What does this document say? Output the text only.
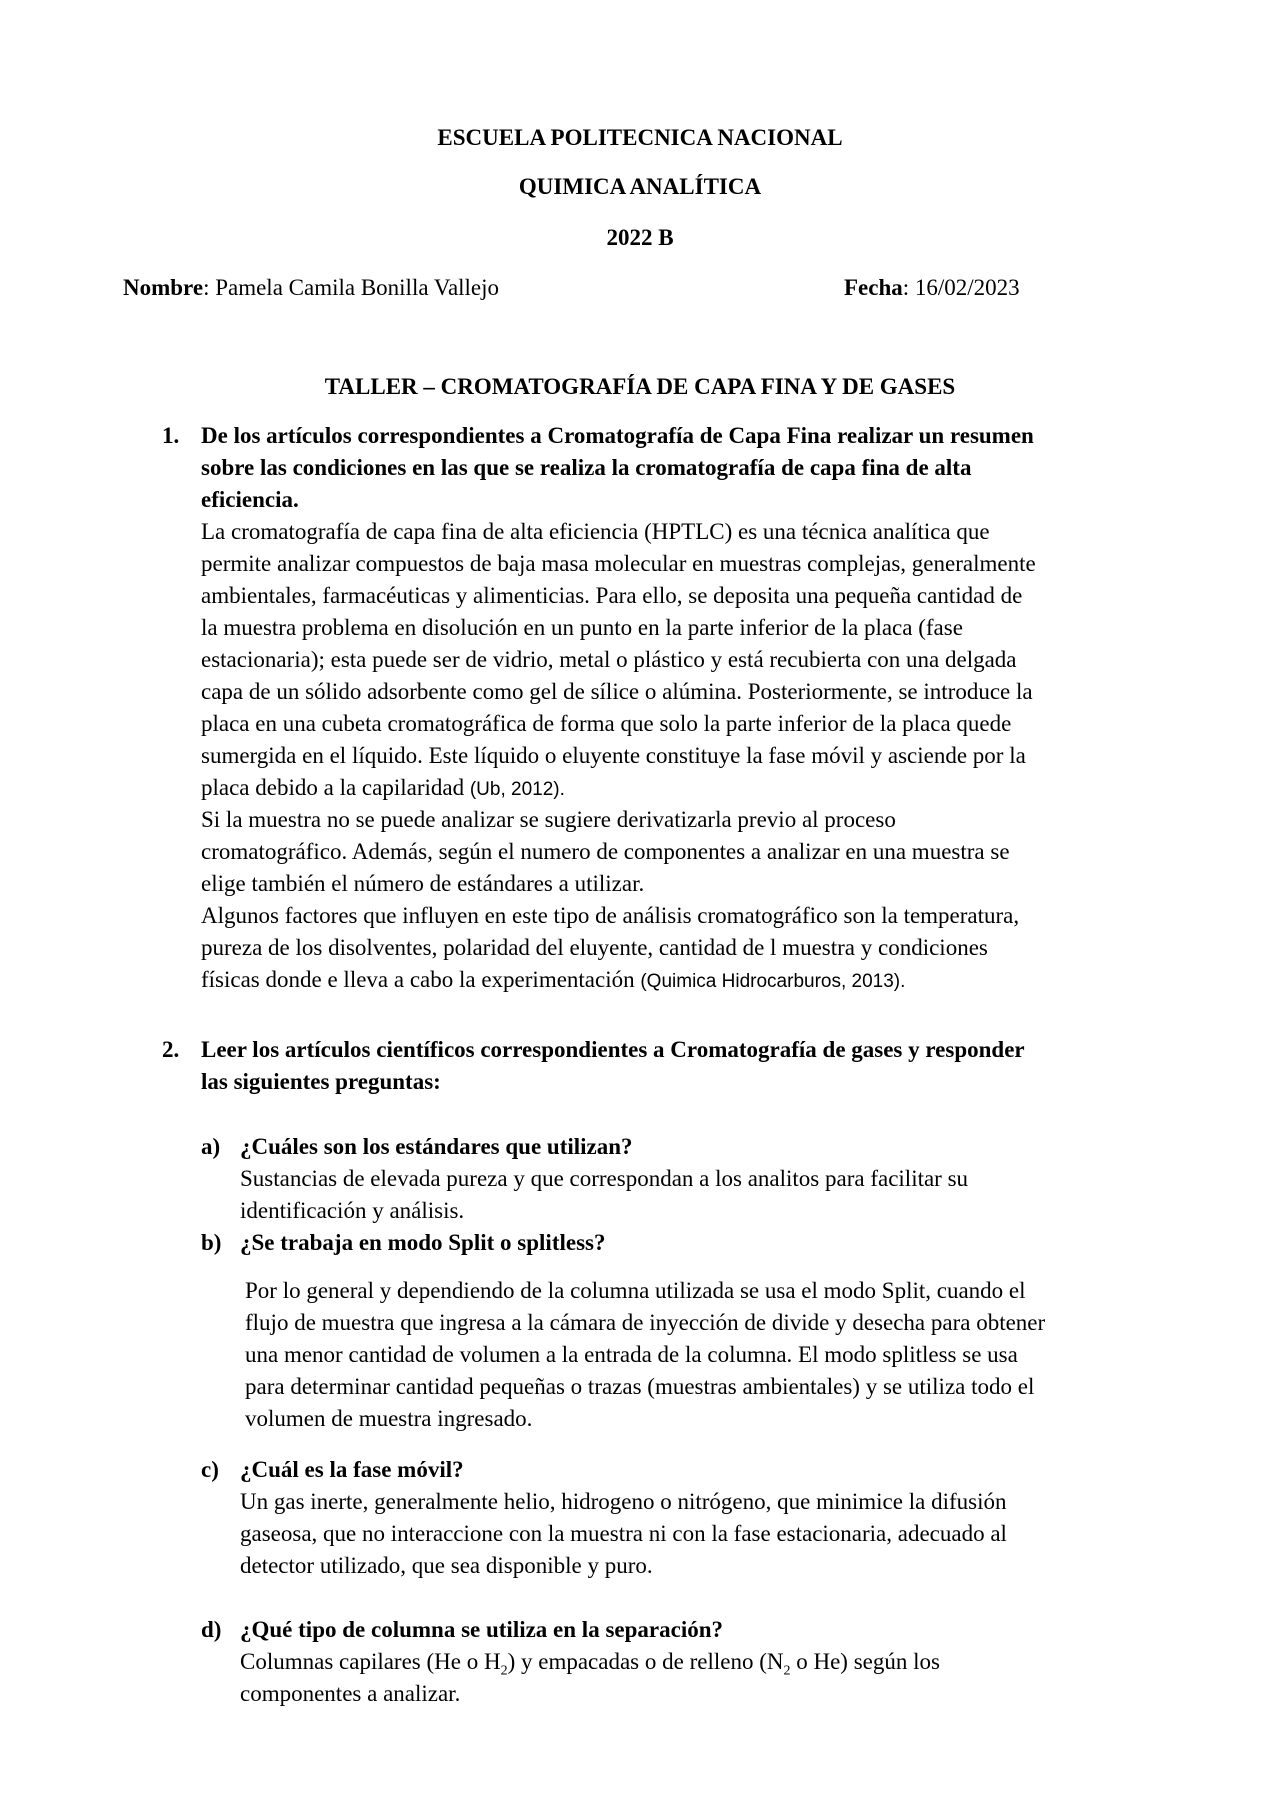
ESCUELA POLITECNICA NACIONAL
QUIMICA ANALÍTICA
2022 B
Nombre: Pamela Camila Bonilla Vallejo	Fecha: 16/02/2023
TALLER – CROMATOGRAFÍA DE CAPA FINA Y DE GASES
1. De los artículos correspondientes a Cromatografía de Capa Fina realizar un resumen
sobre las condiciones en las que se realiza la cromatografía de capa fina de alta
eficiencia.
La cromatografía de capa fina de alta eficiencia (HPTLC) es una técnica analítica que
permite analizar compuestos de baja masa molecular en muestras complejas, generalmente
ambientales, farmacéuticas y alimenticias. Para ello, se deposita una pequeña cantidad de
la muestra problema en disolución en un punto en la parte inferior de la placa (fase
estacionaria); esta puede ser de vidrio, metal o plástico y está recubierta con una delgada
capa de un sólido adsorbente como gel de sílice o alúmina. Posteriormente, se introduce la
placa en una cubeta cromatográfica de forma que solo la parte inferior de la placa quede
sumergida en el líquido. Este líquido o eluyente constituye la fase móvil y asciende por la
placa debido a la capilaridad (Ub, 2012).
Si la muestra no se puede analizar se sugiere derivatizarla previo al proceso
cromatográfico. Además, según el numero de componentes a analizar en una muestra se
elige también el número de estándares a utilizar.
Algunos factores que influyen en este tipo de análisis cromatográfico son la temperatura,
pureza de los disolventes, polaridad del eluyente, cantidad de l muestra y condiciones
físicas donde e lleva a cabo la experimentación (Quimica Hidrocarburos, 2013).
2. Leer los artículos científicos correspondientes a Cromatografía de gases y responder
las siguientes preguntas:
a) ¿Cuáles son los estándares que utilizan?
Sustancias de elevada pureza y que correspondan a los analitos para facilitar su
identificación y análisis.
b) ¿Se trabaja en modo Split o splitless?
Por lo general y dependiendo de la columna utilizada se usa el modo Split, cuando el
flujo de muestra que ingresa a la cámara de inyección de divide y desecha para obtener
una menor cantidad de volumen a la entrada de la columna. El modo splitless se usa
para determinar cantidad pequeñas o trazas (muestras ambientales) y se utiliza todo el
volumen de muestra ingresado.
c) ¿Cuál es la fase móvil?
Un gas inerte, generalmente helio, hidrogeno o nitrógeno, que minimice la difusión
gaseosa, que no interaccione con la muestra ni con la fase estacionaria, adecuado al
detector utilizado, que sea disponible y puro.
d) ¿Qué tipo de columna se utiliza en la separación?
Columnas capilares (He o $H_2$) y empacadas o de relleno ($N_2$ o He) según los
componentes a analizar.
